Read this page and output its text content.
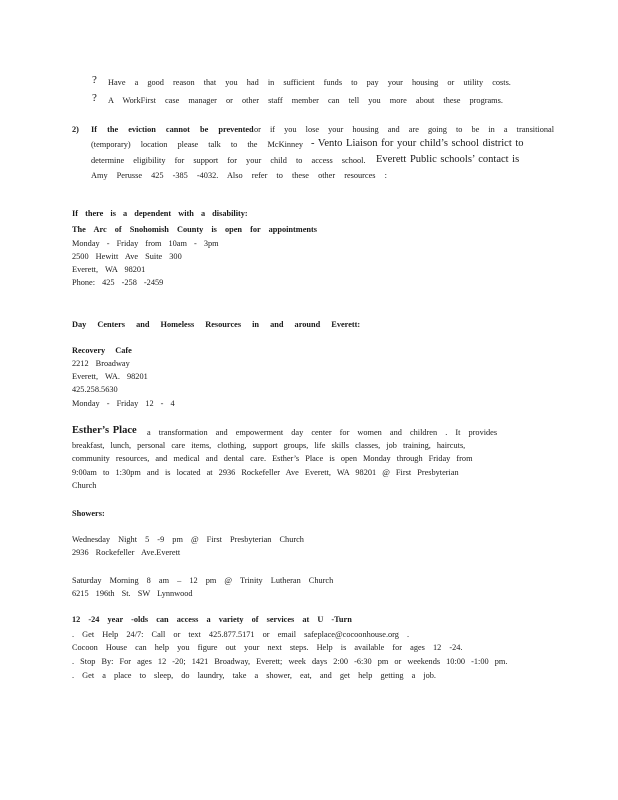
? Have a good reason that you had in sufficient funds to pay your housing or utility costs.
? A WorkFirst case manager or other staff member can tell you more about these programs.
2) If the eviction cannot be prevented or if you lose your housing and are going to be in a transitional
(temporary) location please talk to the McKinney - Vento Liaison for your child’s school district to
determine eligibility for support for your child to access school. Everett Public schools’ contact is
Amy Perusse 425 -385 -4032. Also refer to these other resources :
If there is a dependent with a disability:
The Arc of Snohomish County is open for appointments
Monday - Friday from 10am - 3pm
2500 Hewitt Ave Suite 300
Everett, WA 98201
Phone: 425 -258 -2459
Day Centers and Homeless Resources in and around Everett:
Recovery Cafe
2212 Broadway
Everett, WA. 98201
425.258.5630
Monday - Friday 12 - 4
Esther’s Place a transformation and empowerment day center for women and children . It provides
breakfast, lunch, personal care items, clothing, support groups, life skills classes, job training, haircuts,
community resources, and medical and dental care. Esther’s Place is open Monday through Friday from
9:00am to 1:30pm and is located at 2936 Rockefeller Ave Everett, WA 98201 @ First Presbyterian
Church
Showers:
Wednesday Night 5 -9 pm @ First Presbyterian Church
2936 Rockefeller Ave.Everett
Saturday Morning 8 am – 12 pm @ Trinity Lutheran Church
6215 196th St. SW Lynnwood
12 -24 year -olds can access a variety of services at U -Turn
. Get Help 24/7: Call or text 425.877.5171 or email safeplace@cocoonhouse.org .
Cocoon House can help you figure out your next steps. Help is available for ages 12 -24.
. Stop By: For ages 12 -20; 1421 Broadway, Everett; week days 2:00 -6:30 pm or weekends 10:00 -1:00 pm.
. Get a place to sleep, do laundry, take a shower, eat, and get help getting a job.
